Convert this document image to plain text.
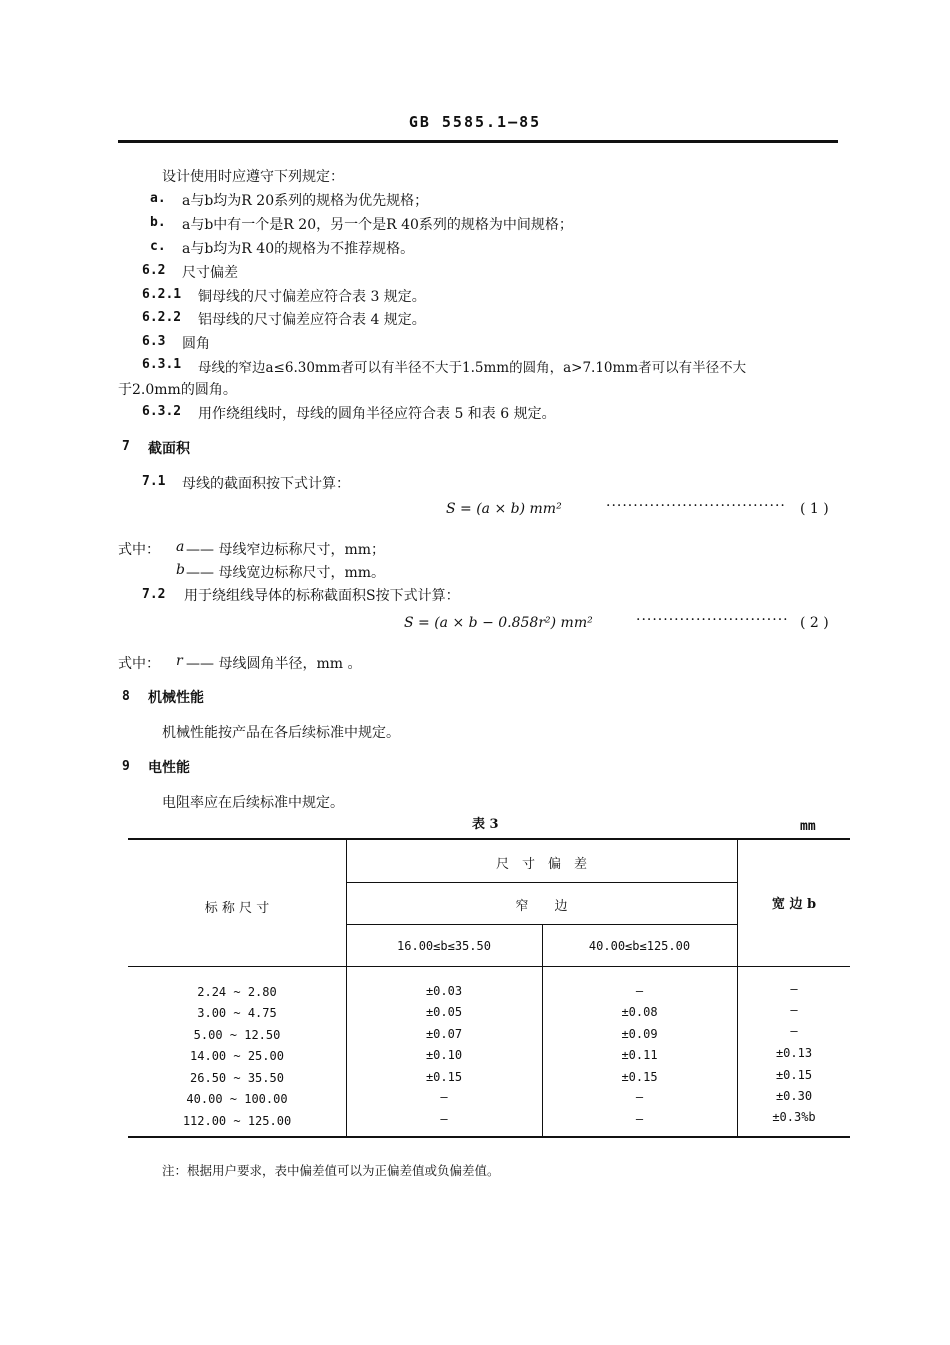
GB 5585.1—85
设计使用时应遵守下列规定：
a. a与b均为R 20系列的规格为优先规格；
b. a与b中有一个是R 20，另一个是R 40系列的规格为中间规格；
c. a与b均为R 40的规格为不推荐规格。
6.2 尺寸偏差
6.2.1 铜母线的尺寸偏差应符合表 3 规定。
6.2.2 铝母线的尺寸偏差应符合表 4 规定。
6.3 圆角
6.3.1 母线的窄边a≤6.30mm者可以有半径不大于1.5mm的圆角，a>7.10mm者可以有半径不大
于2.0mm的圆角。
6.3.2 用作绕组线时，母线的圆角半径应符合表 5 和表 6 规定。
7 截面积
7.1 母线的截面积按下式计算：
S = (a × b) mm²	································· ( 1 )
式中： a —— 母线窄边标称尺寸，mm；
b —— 母线宽边标称尺寸，mm。
7.2 用于绕组线导体的标称截面积S按下式计算：
S = (a × b − 0.858r²) mm²	···························· ( 2 )
式中： r —— 母线圆角半径，mm 。
8 机械性能
机械性能按产品在各后续标准中规定。
9 电性能
电阻率应在后续标准中规定。
表 3	mm
标 称 尺 寸
尺　寸　偏　差
窄　　边	宽 边 b
16.00≤b≤35.50	40.00≤b≤125.00
2.24 ~ 2.80	±0.03	—	—
3.00 ~ 4.75	±0.05	±0.08	—
5.00 ~ 12.50	±0.07	±0.09	—
14.00 ~ 25.00	±0.10	±0.11	±0.13
26.50 ~ 35.50	±0.15	±0.15	±0.15
40.00 ~ 100.00	—	—	±0.30
112.00 ~ 125.00	—	—	±0.3%b
注：根据用户要求，表中偏差值可以为正偏差值或负偏差值。
